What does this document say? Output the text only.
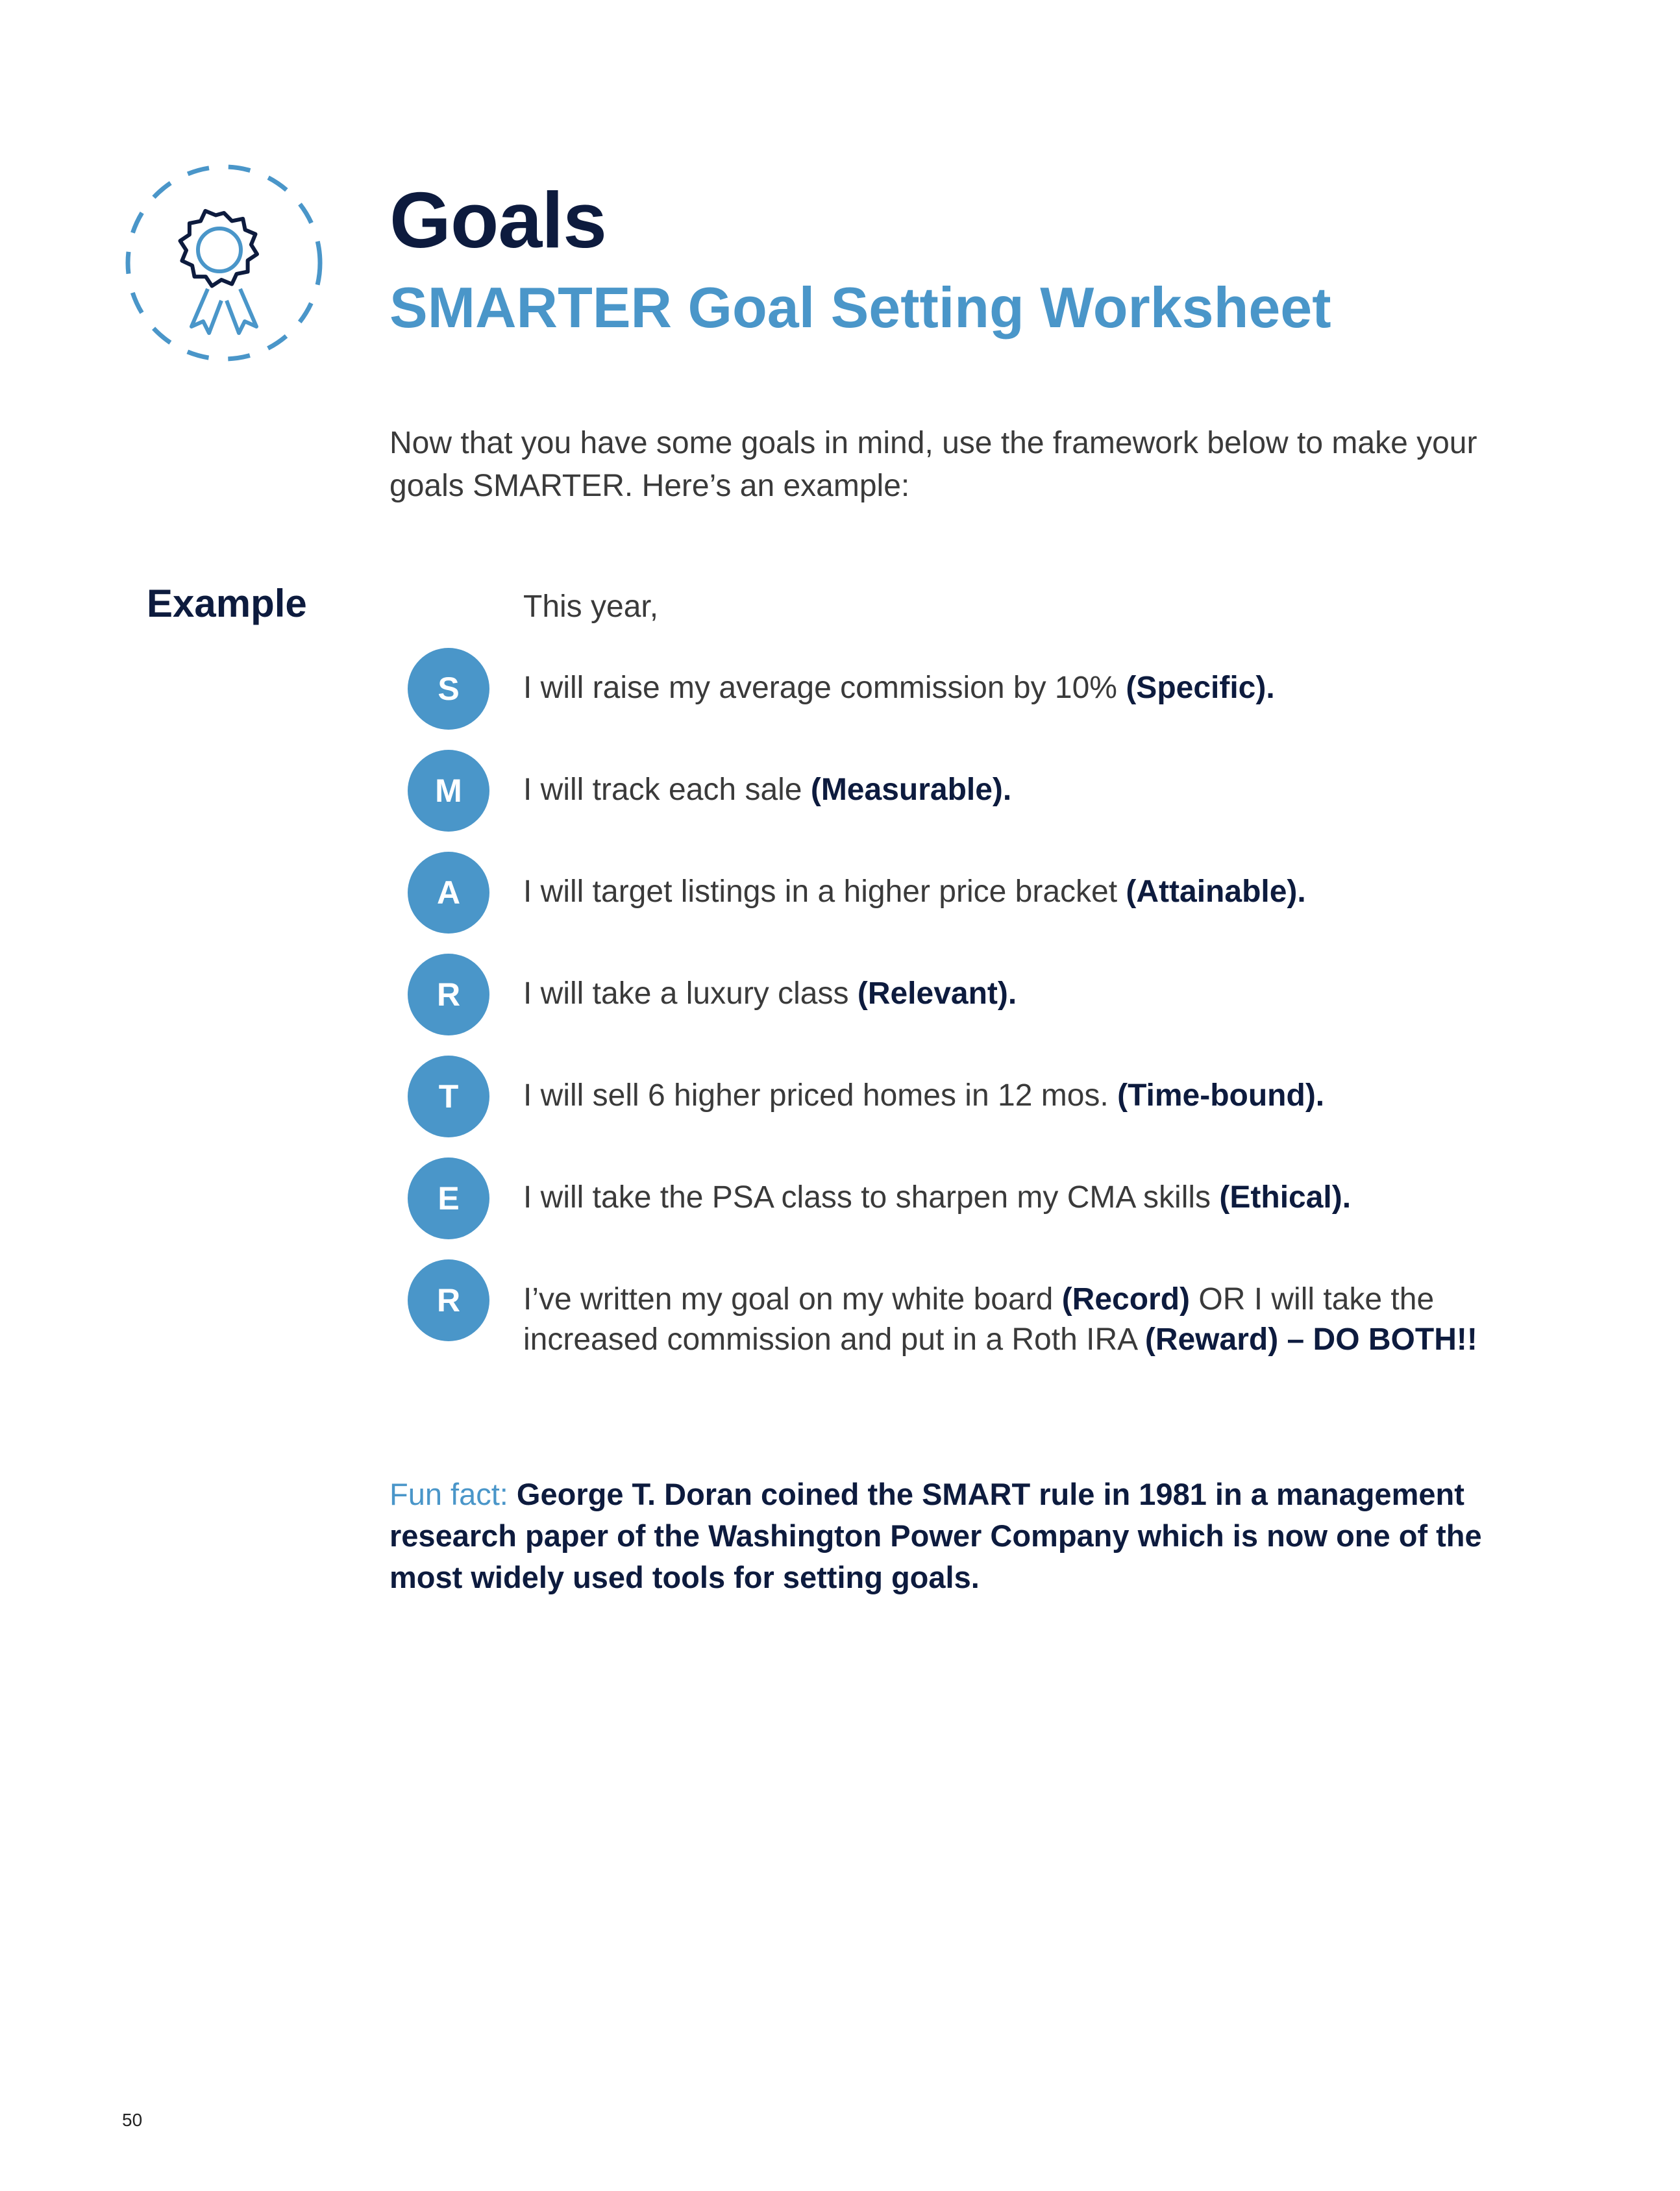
Goals
SMARTER Goal Setting Worksheet

Now that you have some goals in mind, use the framework below to make your goals SMARTER. Here’s an example:

Example	This year,

S	I will raise my average commission by 10% (Specific).

M	I will track each sale (Measurable).

A	I will target listings in a higher price bracket (Attainable).

R	I will take a luxury class (Relevant).

T	I will sell 6 higher priced homes in 12 mos. (Time-bound).

E	I will take the PSA class to sharpen my CMA skills (Ethical).

R	I’ve written my goal on my white board (Record) OR I will take the increased commission and put in a Roth IRA (Reward) – DO BOTH!!

Fun fact: George T. Doran coined the SMART rule in 1981 in a management research paper of the Washington Power Company which is now one of the most widely used tools for setting goals.

50
